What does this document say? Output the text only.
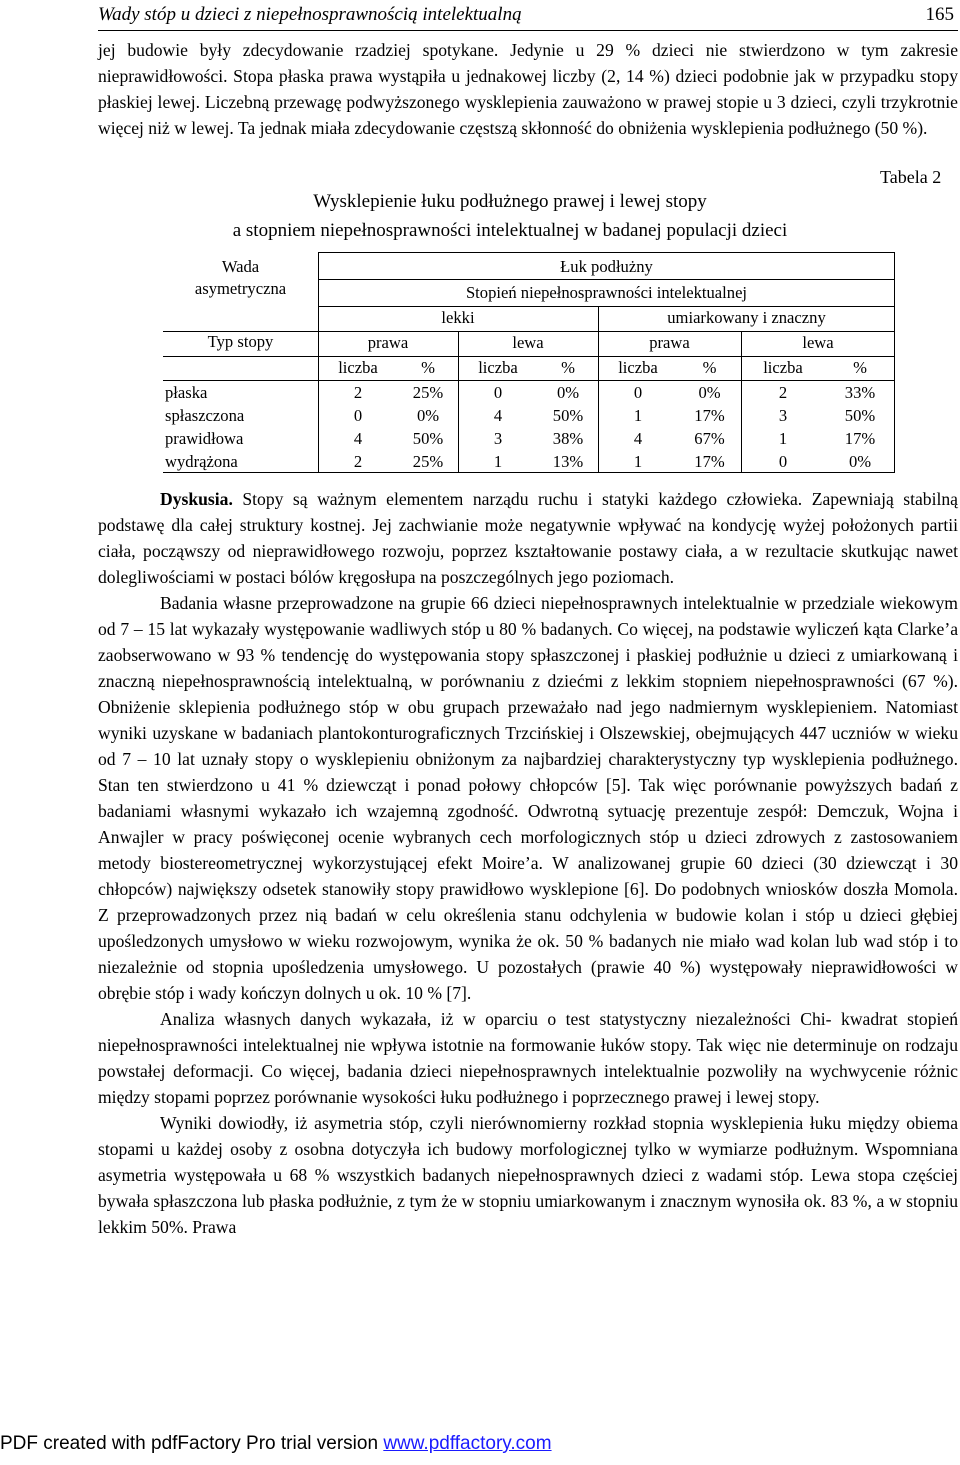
Wady stóp u dzieci z niepełnosprawnością intelektualną	165

jej budowie były zdecydowanie rzadziej spotykane. Jedynie u 29 % dzieci nie stwierdzono w tym zakresie nieprawidłowości. Stopa płaska prawa wystąpiła u jednakowej liczby (2, 14 %) dzieci podobnie jak w przypadku stopy płaskiej lewej. Liczebną przewagę podwyższonego wysklepienia zauważono w prawej stopie u 3 dzieci, czyli trzykrotnie więcej niż w lewej. Ta jednak miała zdecydowanie częstszą skłonność do obniżenia wysklepienia podłużnego (50 %).

Tabela 2
Wysklepienie łuku podłużnego prawej i lewej stopy
a stopniem niepełnosprawności intelektualnej w badanej populacji dzieci
Wada
asymetryczna
Typ stopy
Łuk podłużny
Stopień niepełnosprawności intelektualnej
lekki	umiarkowany i znaczny
prawa	lewa	prawa	lewa
liczba	%	liczba	%	liczba	%	liczba	%
płaska	2	25%	0	0%	0	0%	2	33%
spłaszczona	0	0%	4	50%	1	17%	3	50%
prawidłowa	4	50%	3	38%	4	67%	1	17%
wydrążona	2	25%	1	13%	1	17%	0	0%

Dyskusia. Stopy są ważnym elementem narządu ruchu i statyki każdego człowieka. Zapewniają stabilną podstawę dla całej struktury kostnej. Jej zachwianie może negatywnie wpływać na kondycję wyżej położonych partii ciała, począwszy od nieprawidłowego rozwoju, poprzez kształtowanie postawy ciała, a w rezultacie skutkując nawet dolegliwościami w postaci bólów kręgosłupa na poszczególnych jego poziomach.

Badania własne przeprowadzone na grupie 66 dzieci niepełnosprawnych intelektualnie w przedziale wiekowym od 7 – 15 lat wykazały występowanie wadliwych stóp u 80 % badanych. Co więcej, na podstawie wyliczeń kąta Clarke’a zaobserwowano w 93 % tendencję do występowania stopy spłaszczonej i płaskiej podłużnie u dzieci z umiarkowaną i znaczną niepełnosprawnością intelektualną, w porównaniu z dziećmi z lekkim stopniem niepełnosprawności (67 %). Obniżenie sklepienia podłużnego stóp w obu grupach przeważało nad jego nadmiernym wysklepieniem. Natomiast wyniki uzyskane w badaniach plantokonturograficznych Trzcińskiej i Olszewskiej, obejmujących 447 uczniów w wieku od 7 – 10 lat uznały stopy o wysklepieniu obniżonym za najbardziej charakterystyczny typ wysklepienia podłużnego. Stan ten stwierdzono u 41 % dziewcząt i ponad połowy chłopców [5]. Tak więc porównanie powyższych badań z badaniami własnymi wykazało ich wzajemną zgodność. Odwrotną sytuację prezentuje zespół: Demczuk, Wojna i Anwajler w pracy poświęconej ocenie wybranych cech morfologicznych stóp u dzieci zdrowych z zastosowaniem metody biostereometrycznej wykorzystującej efekt Moire’a. W analizowanej grupie 60 dzieci (30 dziewcząt i 30 chłopców) największy odsetek stanowiły stopy prawidłowo wysklepione [6]. Do podobnych wniosków doszła Momola. Z przeprowadzonych przez nią badań w celu określenia stanu odchylenia w budowie kolan i stóp u dzieci głębiej upośledzonych umysłowo w wieku rozwojowym, wynika że ok. 50 % badanych nie miało wad kolan lub wad stóp i to niezależnie od stopnia upośledzenia umysłowego. U pozostałych (prawie 40 %) występowały nieprawidłowości w obrębie stóp i wady kończyn dolnych u ok. 10 % [7].

Analiza własnych danych wykazała, iż w oparciu o test statystyczny niezależności Chi- kwadrat stopień niepełnosprawności intelektualnej nie wpływa istotnie na formowanie łuków stopy. Tak więc nie determinuje on rodzaju powstałej deformacji. Co więcej, badania dzieci niepełnosprawnych intelektualnie pozwoliły na wychwycenie różnic między stopami poprzez porównanie wysokości łuku podłużnego i poprzecznego prawej i lewej stopy.

Wyniki dowiodły, iż asymetria stóp, czyli nierównomierny rozkład stopnia wysklepienia łuku między obiema stopami u każdej osoby z osobna dotyczyła ich budowy morfologicznej tylko w wymiarze podłużnym. Wspomniana asymetria występowała u 68 % wszystkich badanych niepełnosprawnych dzieci z wadami stóp. Lewa stopa częściej bywała spłaszczona lub płaska podłużnie, z tym że w stopniu umiarkowanym i znacznym wynosiła ok. 83 %, a w stopniu lekkim 50%. Prawa

PDF created with pdfFactory Pro trial version www.pdffactory.com
